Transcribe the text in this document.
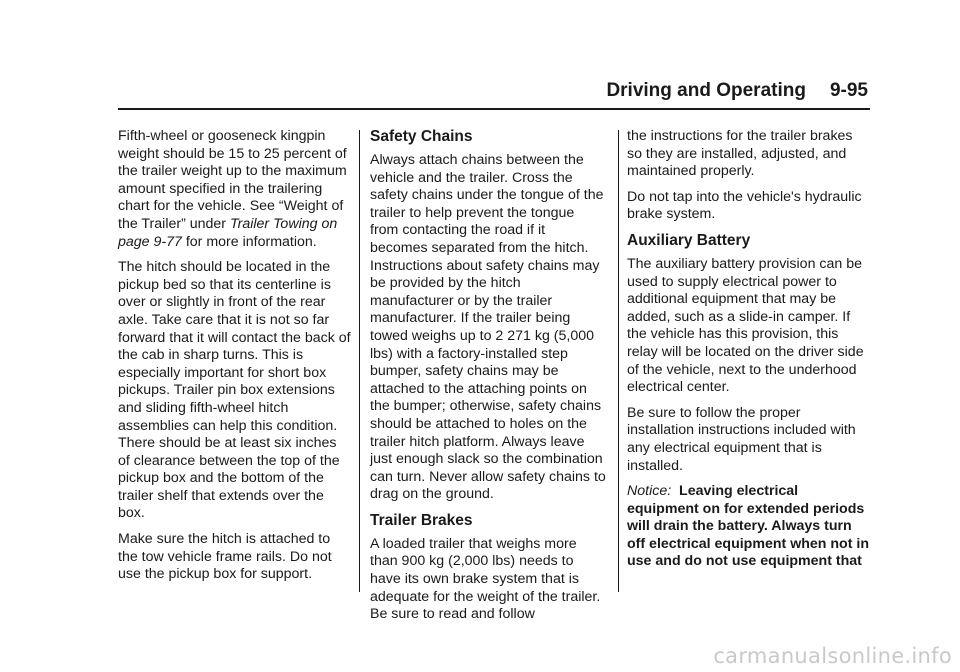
Driving and Operating 9-95

Fifth-wheel or gooseneck kingpin weight should be 15 to 25 percent of the trailer weight up to the maximum amount specified in the trailering chart for the vehicle. See “Weight of the Trailer” under Trailer Towing on page 9-77 for more information.

The hitch should be located in the pickup bed so that its centerline is over or slightly in front of the rear axle. Take care that it is not so far forward that it will contact the back of the cab in sharp turns. This is especially important for short box pickups. Trailer pin box extensions and sliding fifth-wheel hitch assemblies can help this condition. There should be at least six inches of clearance between the top of the pickup box and the bottom of the trailer shelf that extends over the box.

Make sure the hitch is attached to the tow vehicle frame rails. Do not use the pickup box for support.

Safety Chains

Always attach chains between the vehicle and the trailer. Cross the safety chains under the tongue of the trailer to help prevent the tongue from contacting the road if it becomes separated from the hitch. Instructions about safety chains may be provided by the hitch manufacturer or by the trailer manufacturer. If the trailer being towed weighs up to 2 271 kg (5,000 lbs) with a factory-installed step bumper, safety chains may be attached to the attaching points on the bumper; otherwise, safety chains should be attached to holes on the trailer hitch platform. Always leave just enough slack so the combination can turn. Never allow safety chains to drag on the ground.

Trailer Brakes

A loaded trailer that weighs more than 900 kg (2,000 lbs) needs to have its own brake system that is adequate for the weight of the trailer. Be sure to read and follow

the instructions for the trailer brakes so they are installed, adjusted, and maintained properly.

Do not tap into the vehicle's hydraulic brake system.

Auxiliary Battery

The auxiliary battery provision can be used to supply electrical power to additional equipment that may be added, such as a slide-in camper. If the vehicle has this provision, this relay will be located on the driver side of the vehicle, next to the underhood electrical center.

Be sure to follow the proper installation instructions included with any electrical equipment that is installed.

Notice: Leaving electrical equipment on for extended periods will drain the battery. Always turn off electrical equipment when not in use and do not use equipment that

carmanualsonline.info
